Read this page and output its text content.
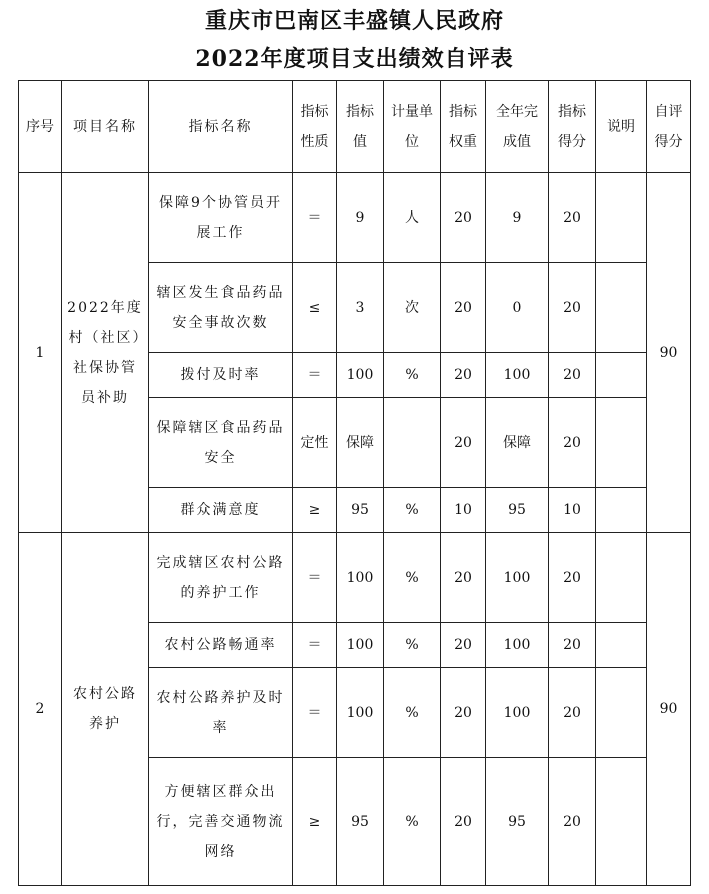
重庆市巴南区丰盛镇人民政府
2022年度项目支出绩效自评表
序号	项目名称	指标名称	指标性质	指标值	计量单位	指标权重	全年完成值	指标得分	说明	自评得分
1	2022年度村（社区）社保协管员补助	保障9个协管员开展工作	＝	9	人	20	9	20		90
		辖区发生食品药品安全事故次数	≤	3	次	20	0	20		
		拨付及时率	＝	100	%	20	100	20		
		保障辖区食品药品安全	定性	保障		20	保障	20		
		群众满意度	≥	95	%	10	95	10		
2	农村公路养护	完成辖区农村公路的养护工作	＝	100	%	20	100	20		90
		农村公路畅通率	＝	100	%	20	100	20		
		农村公路养护及时率	＝	100	%	20	100	20		
		方便辖区群众出行，完善交通物流网络	≥	95	%	20	95	20		
